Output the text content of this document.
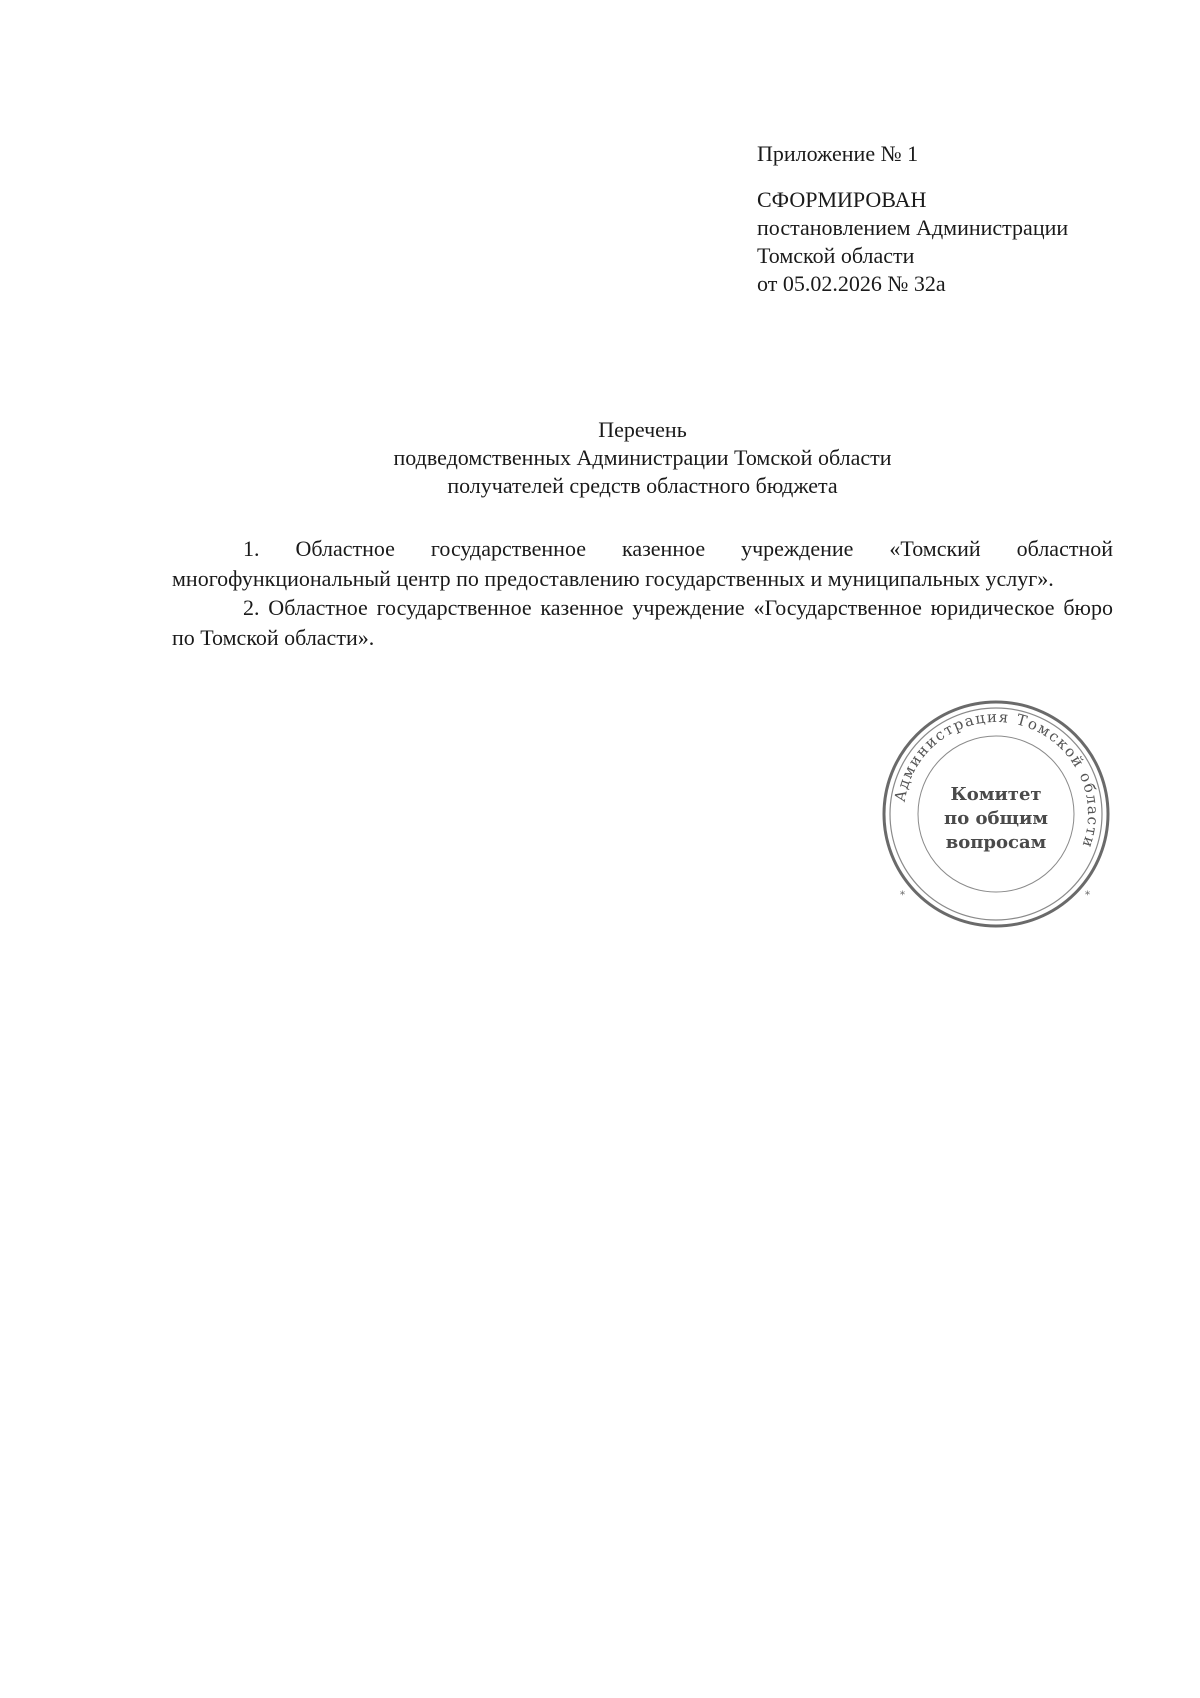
Приложение № 1
СФОРМИРОВАН
постановлением Администрации
Томской области
от 05.02.2026 № 32а
Перечень
подведомственных Администрации Томской области
получателей средств областного бюджета

1. Областное государственное казенное учреждение «Томский областной многофункциональный центр по предоставлению государственных и муниципальных услуг».

2. Областное государственное казенное учреждение «Государственное юридическое бюро по Томской области».

Администрация Томской области
*	*
Комитет
по общим
вопросам
